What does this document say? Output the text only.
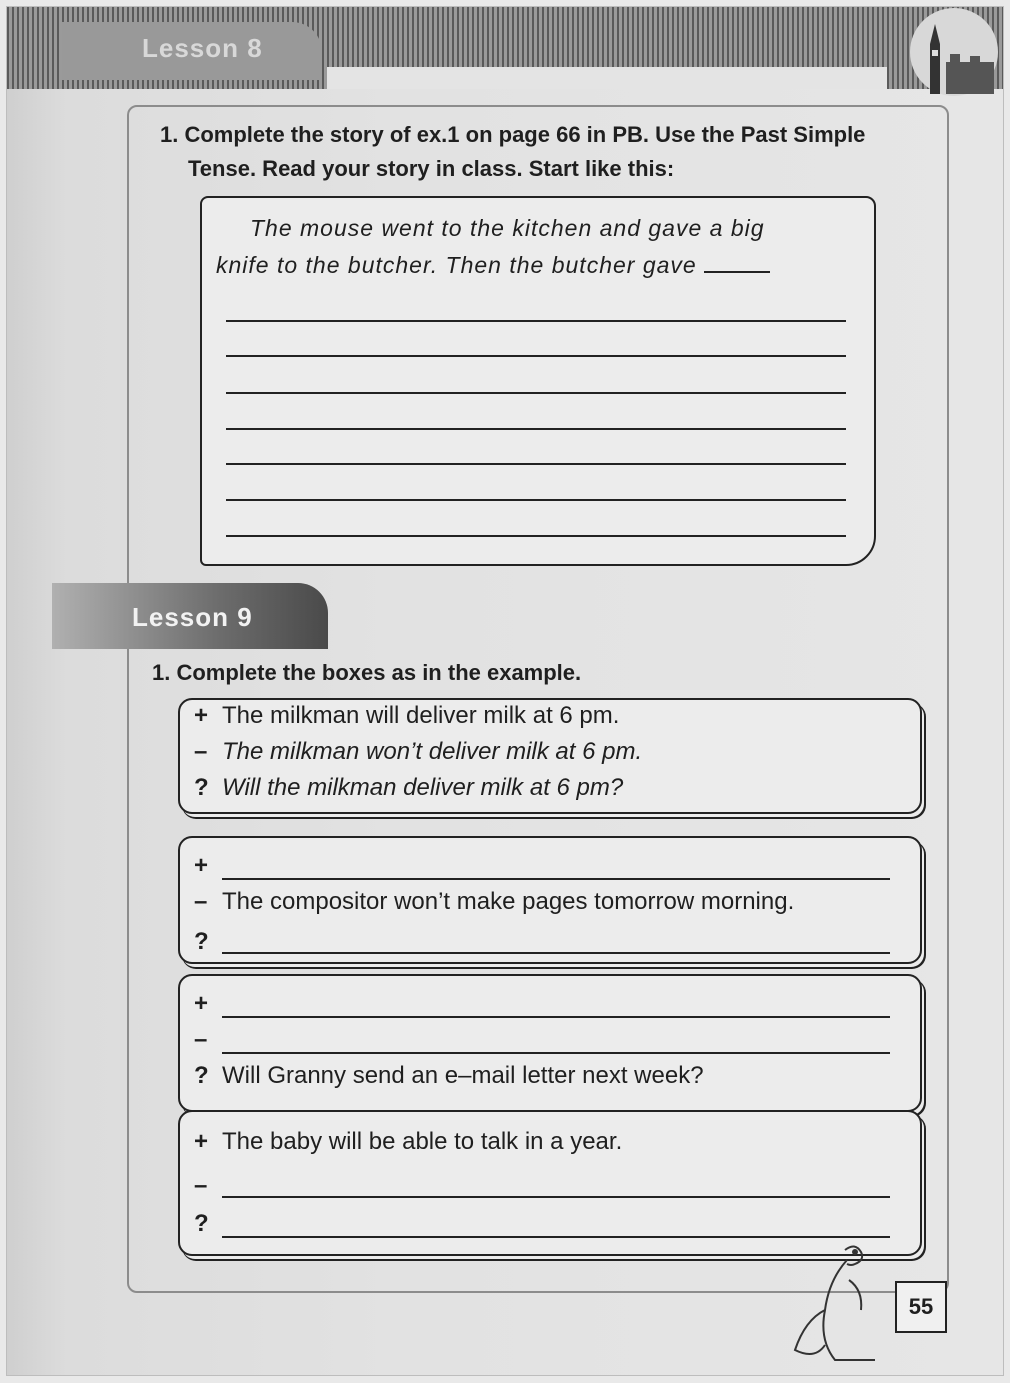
Lesson 8
1. Complete the story of ex.1 on page 66 in PB. Use the Past Simple
Tense. Read your story in class. Start like this:
The mouse went to the kitchen and gave a big
knife to the butcher. Then the butcher gave
Lesson 9
1. Complete the boxes as in the example.
+ The milkman will deliver milk at 6 pm.
– The milkman won’t deliver milk at 6 pm.
? Will the milkman deliver milk at 6 pm?
+
– The compositor won’t make pages tomorrow morning.
?
+
–
? Will Granny send an e–mail letter next week?
+ The baby will be able to talk in a year.
–
?
55
